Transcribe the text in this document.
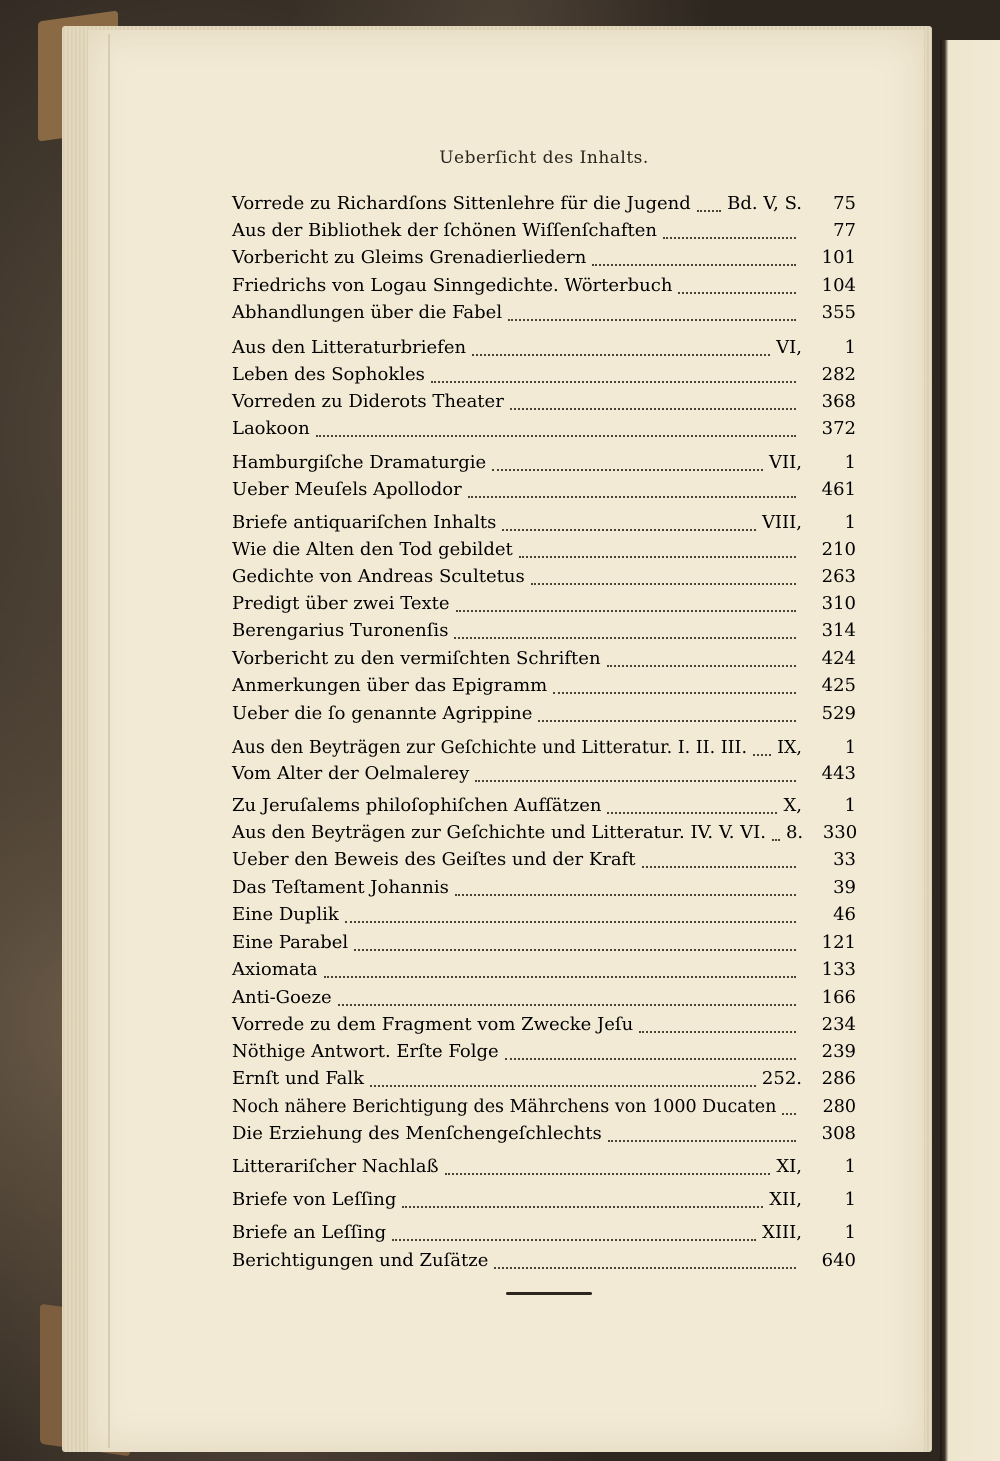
Ueberſicht des Inhalts.
Vorrede zu Richardſons Sittenlehre für die Jugend Bd. V, S.	75
Aus der Bibliothek der ſchönen Wiſſenſchaften	77
Vorbericht zu Gleims Grenadierliedern	101
Friedrichs von Logau Sinngedichte. Wörterbuch	104
Abhandlungen über die Fabel	355
Aus den Litteraturbriefen	VI,	1
Leben des Sophokles	282
Vorreden zu Diderots Theater	368
Laokoon	372
Hamburgiſche Dramaturgie	VII,	1
Ueber Meuſels Apollodor	461
Briefe antiquariſchen Inhalts	VIII,	1
Wie die Alten den Tod gebildet	210
Gedichte von Andreas Scultetus	263
Predigt über zwei Texte	310
Berengarius Turonenſis	314
Vorbericht zu den vermiſchten Schriften	424
Anmerkungen über das Epigramm	425
Ueber die ſo genannte Agrippine	529
Aus den Beyträgen zur Geſchichte und Litteratur. I. II. III. IX,	1
Vom Alter der Oelmalerey	443
Zu Jeruſalems philoſophiſchen Aufſätzen	X,	1
Aus den Beyträgen zur Geſchichte und Litteratur. IV. V. VI. 8.	330
Ueber den Beweis des Geiſtes und der Kraft	33
Das Teſtament Johannis	39
Eine Duplik	46
Eine Parabel	121
Axiomata	133
Anti-Goeze	166
Vorrede zu dem Fragment vom Zwecke Jeſu	234
Nöthige Antwort. Erſte Folge	239
Ernſt und Falk	252.	286
Noch nähere Berichtigung des Mährchens von 1000 Ducaten	280
Die Erziehung des Menſchengeſchlechts	308
Litterariſcher Nachlaß	XI,	1
Briefe von Leſſing	XII,	1
Briefe an Leſſing	XIII,	1
Berichtigungen und Zuſätze	640
